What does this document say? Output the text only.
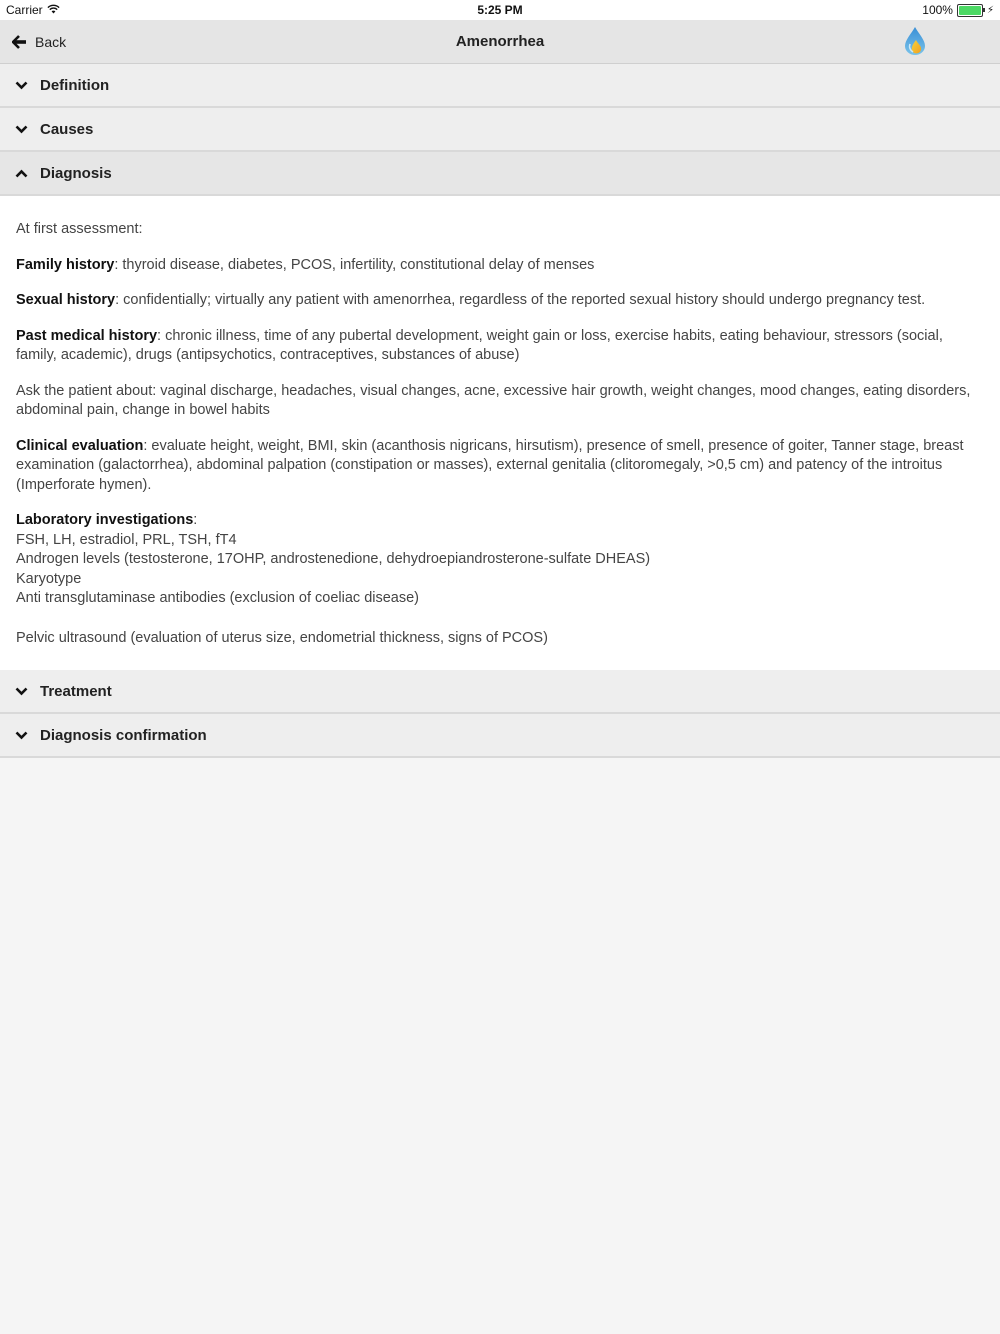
Carrier	5:25 PM	100%	⚡
Back	Amenorrhea
Definition
Causes
Diagnosis

At first assessment:

Family history: thyroid disease, diabetes, PCOS, infertility, constitutional delay of menses

Sexual history: confidentially; virtually any patient with amenorrhea, regardless of the reported sexual history should undergo pregnancy test.

Past medical history: chronic illness, time of any pubertal development, weight gain or loss, exercise habits, eating behaviour, stressors (social, family, academic), drugs (antipsychotics, contraceptives, substances of abuse)

Ask the patient about: vaginal discharge, headaches, visual changes, acne, excessive hair growth, weight changes, mood changes, eating disorders, abdominal pain, change in bowel habits

Clinical evaluation: evaluate height, weight, BMI, skin (acanthosis nigricans, hirsutism), presence of smell, presence of goiter, Tanner stage, breast examination (galactorrhea), abdominal palpation (constipation or masses), external genitalia (clitoromegaly, >0,5 cm) and patency of the introitus (Imperforate hymen).

Laboratory investigations:
FSH, LH, estradiol, PRL, TSH, fT4
Androgen levels (testosterone, 17OHP, androstenedione, dehydroepiandrosterone-sulfate DHEAS)
Karyotype
Anti transglutaminase antibodies (exclusion of coeliac disease)

Pelvic ultrasound (evaluation of uterus size, endometrial thickness, signs of PCOS)

Treatment
Diagnosis confirmation
